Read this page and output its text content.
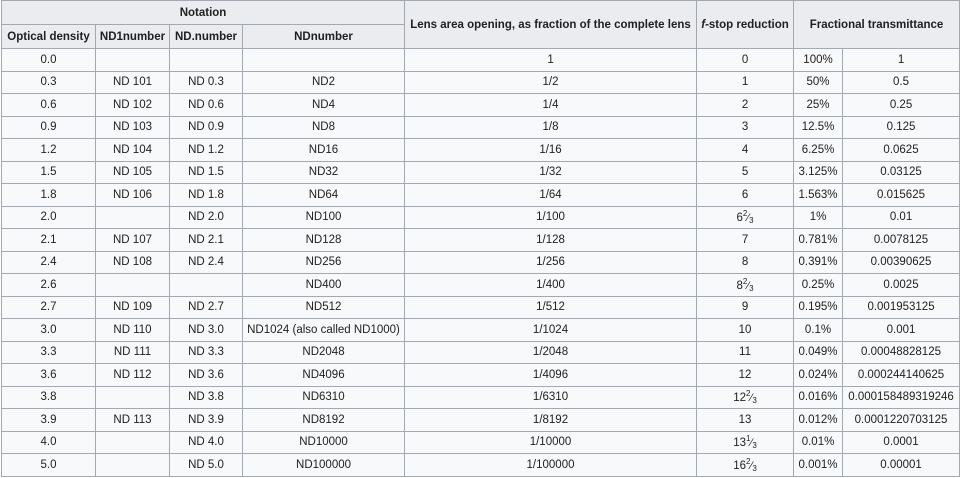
Notation				Lens area opening, as fraction of the complete lens	f-stop reduction	Fractional transmittance	
Optical density	ND1number	ND.number	NDnumber				
0.0				1	0	100%	1
0.3	ND 101	ND 0.3	ND2	1/2	1	50%	0.5
0.6	ND 102	ND 0.6	ND4	1/4	2	25%	0.25
0.9	ND 103	ND 0.9	ND8	1/8	3	12.5%	0.125
1.2	ND 104	ND 1.2	ND16	1/16	4	6.25%	0.0625
1.5	ND 105	ND 1.5	ND32	1/32	5	3.125%	0.03125
1.8	ND 106	ND 1.8	ND64	1/64	6	1.563%	0.015625
2.0		ND 2.0	ND100	1/100	$6^2⁄_3$	1%	0.01
2.1	ND 107	ND 2.1	ND128	1/128	7	0.781%	0.0078125
2.4	ND 108	ND 2.4	ND256	1/256	8	0.391%	0.00390625
2.6			ND400	1/400	$8^2⁄_3$	0.25%	0.0025
2.7	ND 109	ND 2.7	ND512	1/512	9	0.195%	0.001953125
3.0	ND 110	ND 3.0	ND1024 (also called ND1000)	1/1024	10	0.1%	0.001
3.3	ND 111	ND 3.3	ND2048	1/2048	11	0.049%	0.00048828125
3.6	ND 112	ND 3.6	ND4096	1/4096	12	0.024%	0.000244140625
3.8		ND 3.8	ND6310	1/6310	$12^2⁄_3$	0.016%	0.000158489319246
3.9	ND 113	ND 3.9	ND8192	1/8192	13	0.012%	0.0001220703125
4.0		ND 4.0	ND10000	1/10000	$13^1⁄_3$	0.01%	0.0001
5.0		ND 5.0	ND100000	1/100000	$16^2⁄_3$	0.001%	0.00001
